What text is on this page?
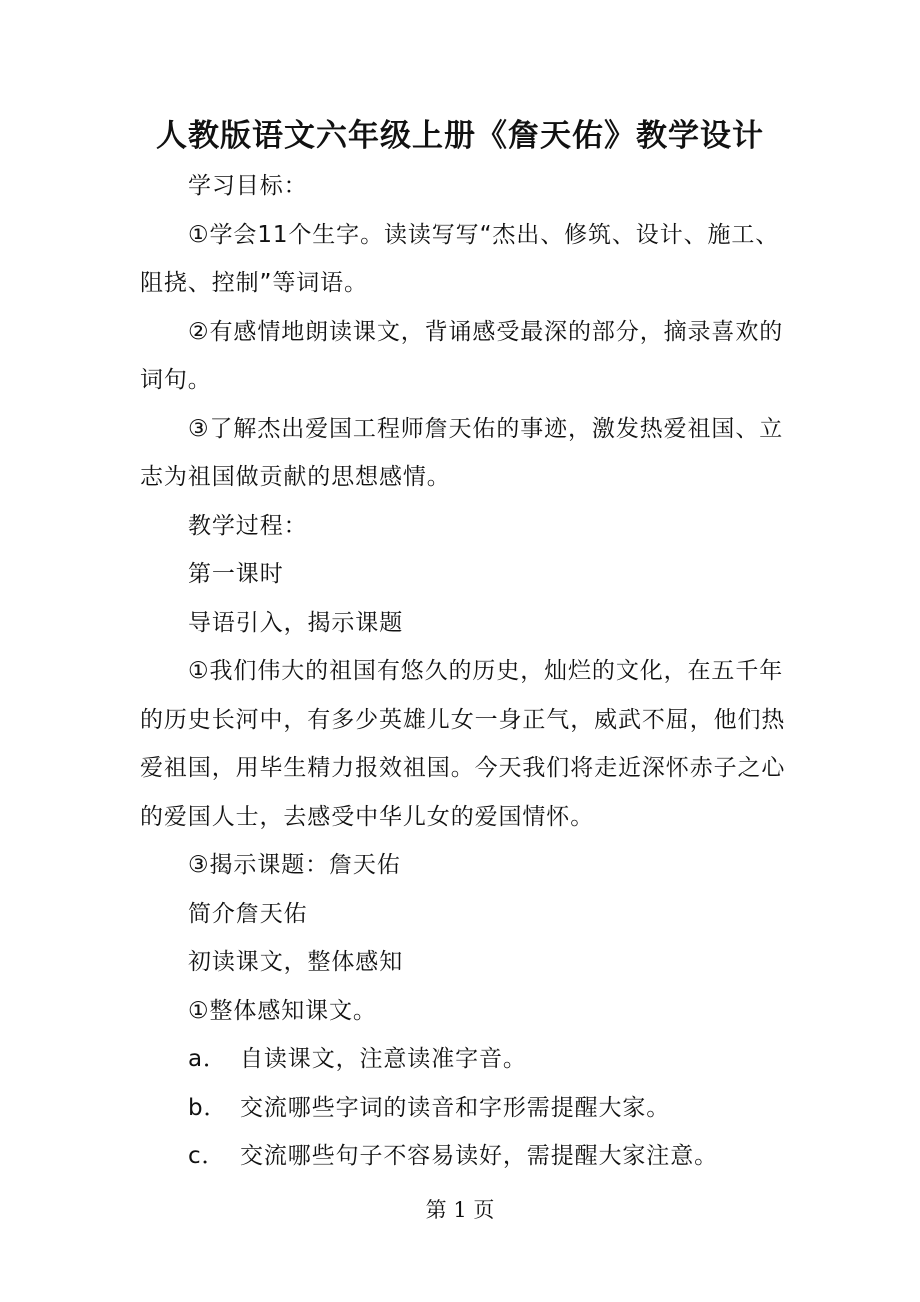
人教版语文六年级上册《詹天佑》教学设计

学习目标：

①学会11个生字。读读写写“杰出、修筑、设计、施工、阻挠、控制”等词语。

②有感情地朗读课文，背诵感受最深的部分，摘录喜欢的词句。

③了解杰出爱国工程师詹天佑的事迹，激发热爱祖国、立志为祖国做贡献的思想感情。

教学过程：

第一课时

导语引入，揭示课题

①我们伟大的祖国有悠久的历史，灿烂的文化，在五千年的历史长河中，有多少英雄儿女一身正气，威武不屈，他们热爱祖国，用毕生精力报效祖国。今天我们将走近深怀赤子之心的爱国人士，去感受中华儿女的爱国情怀。

③揭示课题：詹天佑

简介詹天佑

初读课文，整体感知

①整体感知课文。

a． 自读课文，注意读准字音。
b． 交流哪些字词的读音和字形需提醒大家。
c． 交流哪些句子不容易读好，需提醒大家注意。
第 1 页
